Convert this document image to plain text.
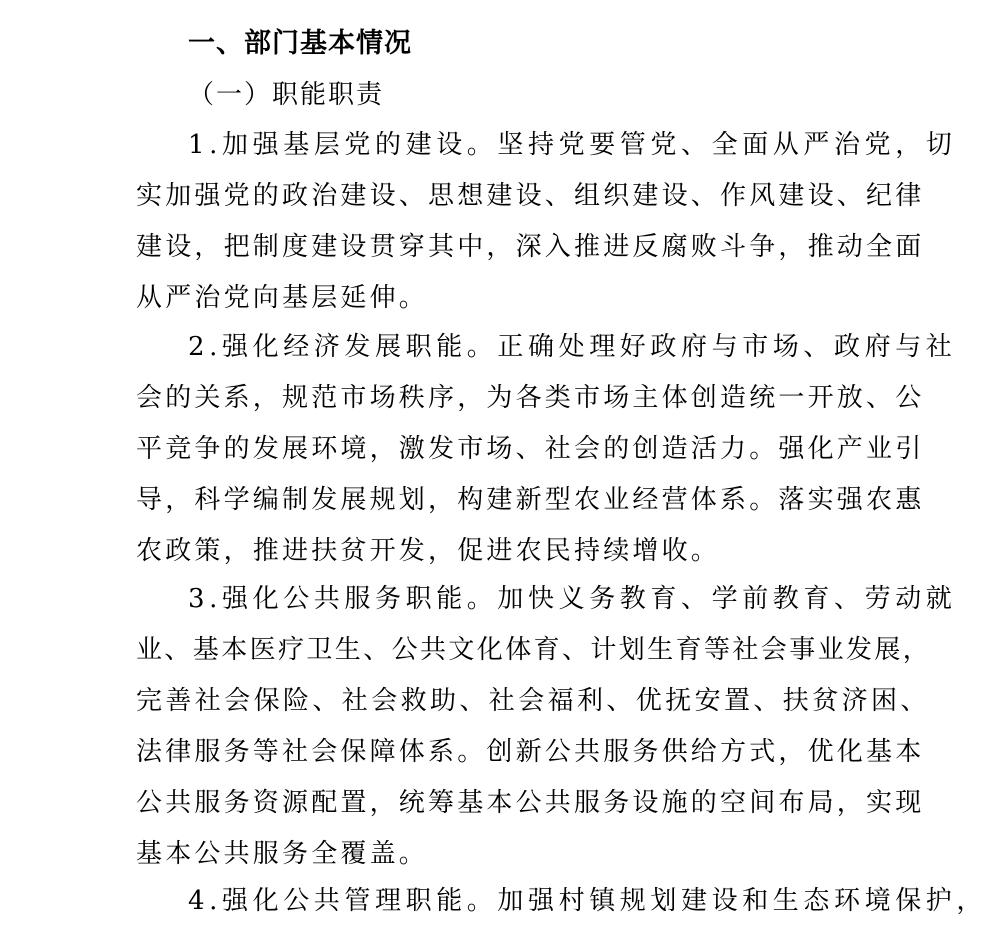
一、部门基本情况
（一）职能职责
1.加强基层党的建设。坚持党要管党、全面从严治党，切
实加强党的政治建设、思想建设、组织建设、作风建设、纪律
建设，把制度建设贯穿其中，深入推进反腐败斗争，推动全面
从严治党向基层延伸。
2.强化经济发展职能。正确处理好政府与市场、政府与社
会的关系，规范市场秩序，为各类市场主体创造统一开放、公
平竞争的发展环境，激发市场、社会的创造活力。强化产业引
导，科学编制发展规划，构建新型农业经营体系。落实强农惠
农政策，推进扶贫开发，促进农民持续增收。
3.强化公共服务职能。加快义务教育、学前教育、劳动就
业、基本医疗卫生、公共文化体育、计划生育等社会事业发展，
完善社会保险、社会救助、社会福利、优抚安置、扶贫济困、
法律服务等社会保障体系。创新公共服务供给方式，优化基本
公共服务资源配置，统筹基本公共服务设施的空间布局，实现
基本公共服务全覆盖。
4.强化公共管理职能。加强村镇规划建设和生态环境保护，
